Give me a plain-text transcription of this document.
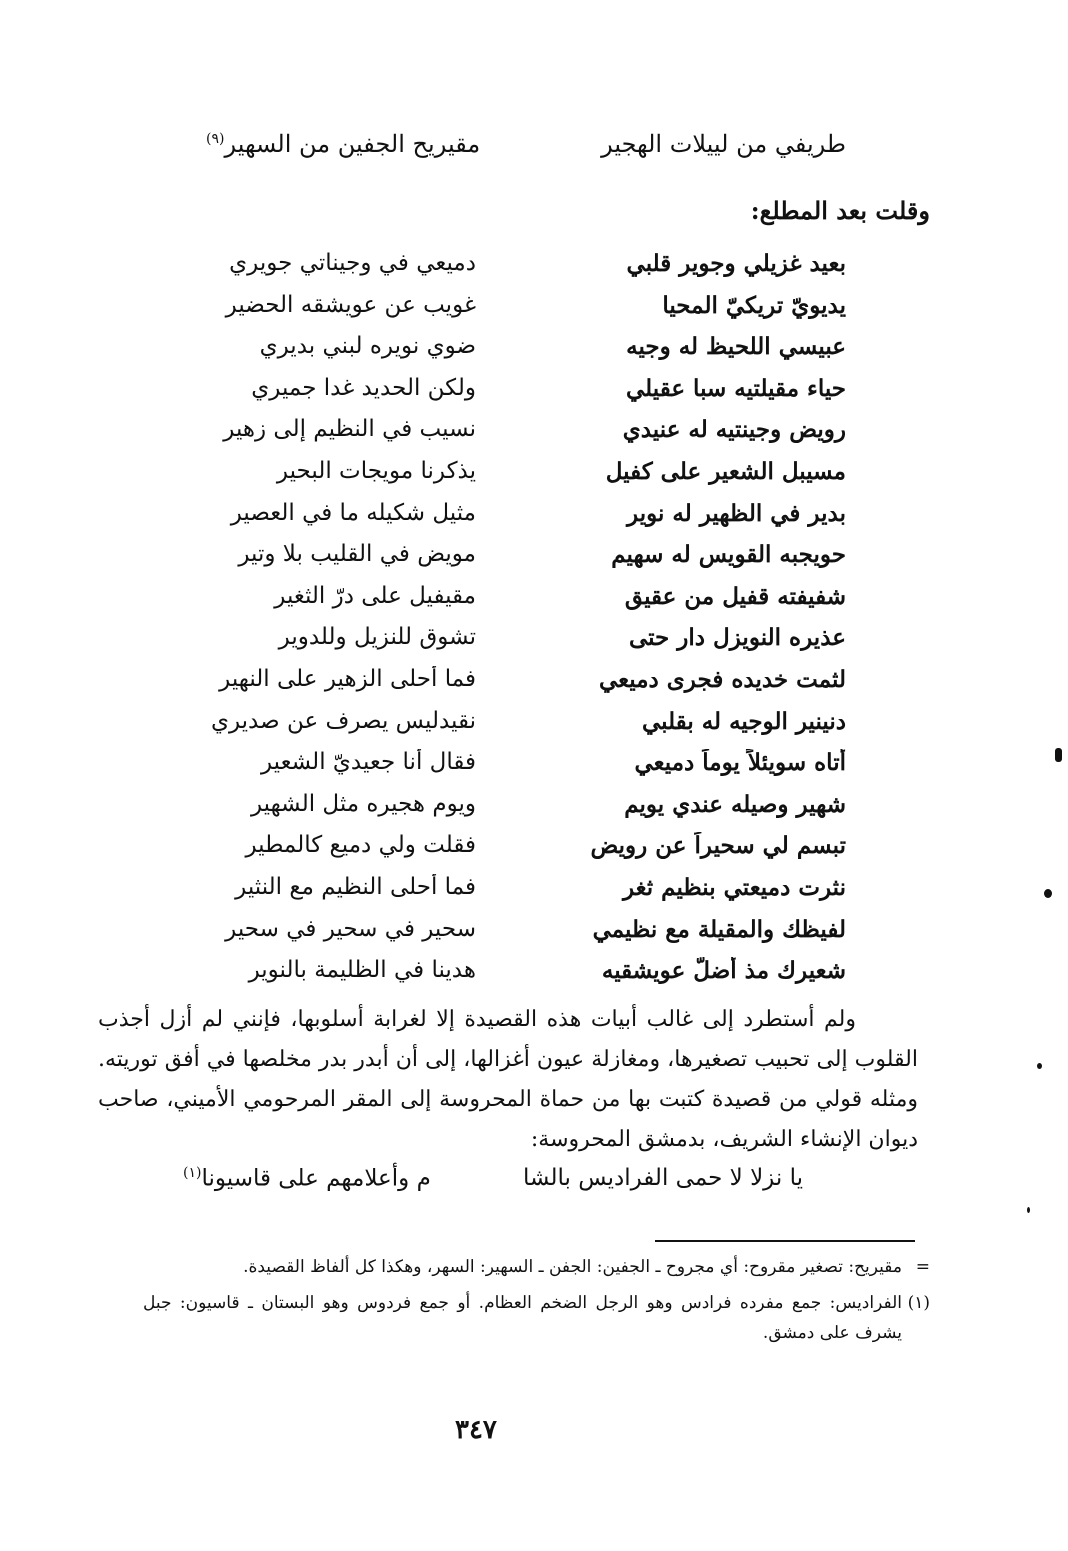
طريفي من لييلات الهجير
مقيريح الجفين من السهير$^{(٩)}$
وقلت بعد المطلع:
بعيد غزيلي وجوير قلبي
دميعي في وجيناتي جويري
يديويّ تريكيّ المحيا
غويب عن عويشقه الحضير
عبيسي اللحيظ له وجيه
ضوي نويره لبني بديري
حياء مقيلتيه سبا عقيلي
ولكن الحديد غدا جميري
رويض وجينتيه له عنيدي
نسيب في النظيم إلى زهير
مسيبل الشعير على كفيل
يذكرنا مويجات البحير
بدير في الظهير له نوير
مثيل شكيله ما في العصير
حويجبه القويس له سهيم
مويض في القليب بلا وتير
شفيفته قفيل من عقيق
مقيفيل على درّ الثغير
عذيره النويزل دار حتى
تشوق للنزيل وللدوير
لثمت خديده فجرى دميعي
فما أحلى الزهير على النهير
دنينير الوجيه له بقلبي
نقيدليس يصرف عن صديري
أتاه سويئلاً يوماً دميعي
فقال أنا جعيديّ الشعير
شهير وصيله عندي يويم
ويوم هجيره مثل الشهير
تبسم لي سحيراً عن رويض
فقلت ولي دميع كالمطير
نثرت دميعتي بنظيم ثغر
فما أحلى النظيم مع النثير
لفيظك والمقيلة مع نظيمي
سحير في سحير في سحير
شعيرك مذ أضلّ عويشقيه
هدينا في الظليمة بالنوير

ولم أستطرد إلى غالب أبيات هذه القصيدة إلا لغرابة أسلوبها، فإنني لم أزل أجذب القلوب إلى تحبيب تصغيرها، ومغازلة عيون أغزالها، إلى أن أبدر بدر مخلصها في أفق توريته. ومثله قولي من قصيدة كتبت بها من حماة المحروسة إلى المقر المرحومي الأميني، صاحب ديوان الإنشاء الشريف، بدمشق المحروسة:

يا نزلا لا حمى الفراديس بالشا
م وأعلامهم على قاسيونا$^{(١)}$
=
مقيريح: تصغير مقروح: أي مجروح ـ الجفين: الجفن ـ السهير: السهر، وهكذا كل ألفاظ القصيدة.
(١)
الفراديس: جمع مفرده فرادس وهو الرجل الضخم العظام. أو جمع فردوس وهو البستان ـ قاسيون: جبل يشرف على دمشق.
٣٤٧
